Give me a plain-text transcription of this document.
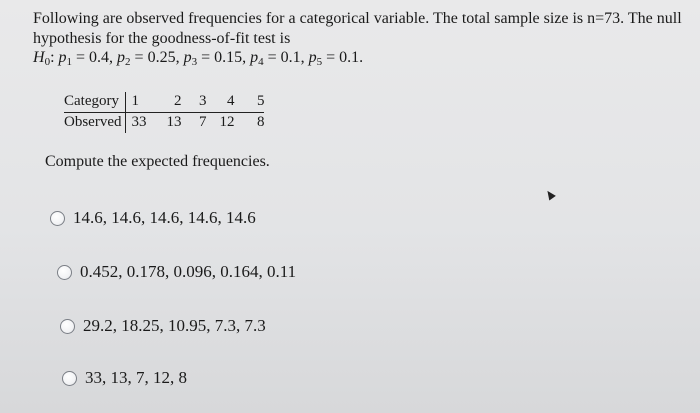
Following are observed frequencies for a categorical variable. The total sample size is n=73. The null

hypothesis for the goodness-of-fit test is

$H_0$: $p_1 = 0.4$, $p_2 = 0.25$, $p_3 = 0.15$, $p_4 = 0.1$, $p_5 = 0.1$.
Category	1	2	3	4	5
Observed	33	13	7	12	8
Compute the expected frequencies.
14.6, 14.6, 14.6, 14.6, 14.6
0.452, 0.178, 0.096, 0.164, 0.11
29.2, 18.25, 10.95, 7.3, 7.3
33, 13, 7, 12, 8
